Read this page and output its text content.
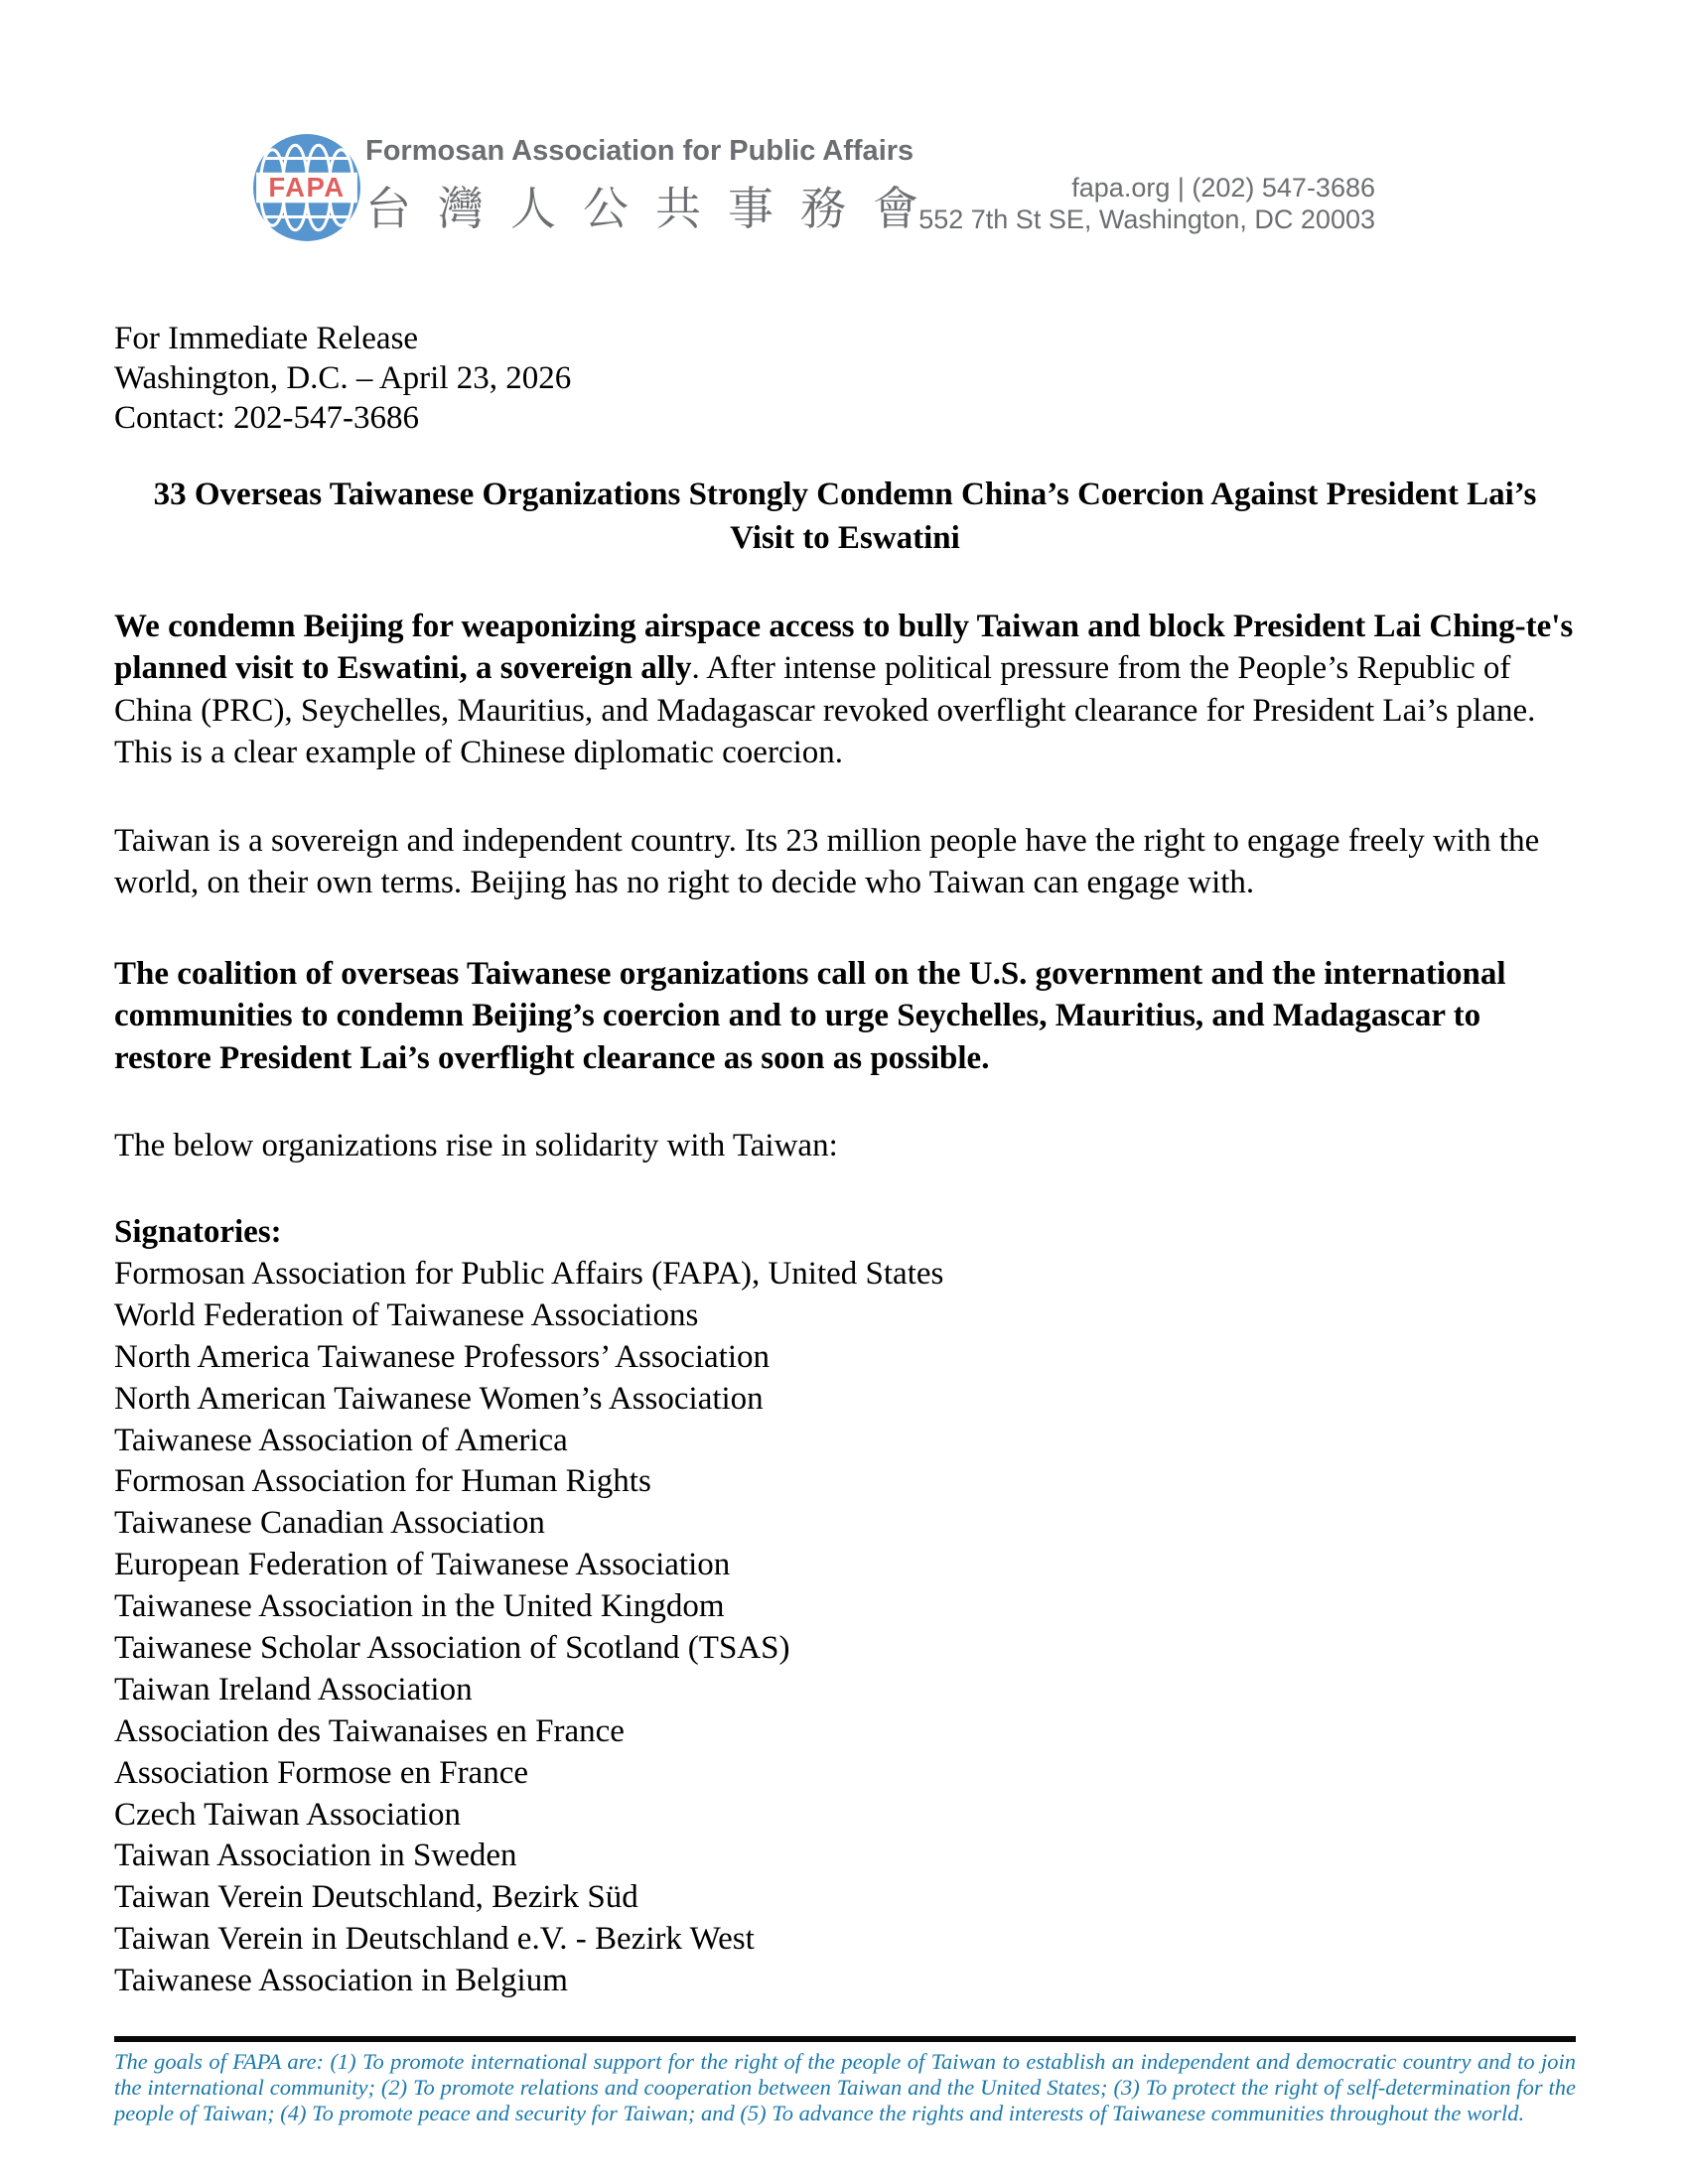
FAPA
Formosan Association for Public Affairs
台灣人公共事務會	fapa.org | (202) 547-3686
552 7th St SE, Washington, DC 20003
For Immediate Release
Washington, D.C. – April 23, 2026
Contact: 202-547-3686
33 Overseas Taiwanese Organizations Strongly Condemn China’s Coercion Against President Lai’s
Visit to Eswatini
We condemn Beijing for weaponizing airspace access to bully Taiwan and block President Lai Ching-te's planned visit to Eswatini, a sovereign ally. After intense political pressure from the People’s Republic of China (PRC), Seychelles, Mauritius, and Madagascar revoked overflight clearance for President Lai’s plane. This is a clear example of Chinese diplomatic coercion.
Taiwan is a sovereign and independent country. Its 23 million people have the right to engage freely with the world, on their own terms. Beijing has no right to decide who Taiwan can engage with.
The coalition of overseas Taiwanese organizations call on the U.S. government and the international communities to condemn Beijing’s coercion and to urge Seychelles, Mauritius, and Madagascar to restore President Lai’s overflight clearance as soon as possible.
The below organizations rise in solidarity with Taiwan:
Signatories:
Formosan Association for Public Affairs (FAPA), United States
World Federation of Taiwanese Associations
North America Taiwanese Professors’ Association
North American Taiwanese Women’s Association
Taiwanese Association of America
Formosan Association for Human Rights
Taiwanese Canadian Association
European Federation of Taiwanese Association
Taiwanese Association in the United Kingdom
Taiwanese Scholar Association of Scotland (TSAS)
Taiwan Ireland Association
Association des Taiwanaises en France
Association Formose en France
Czech Taiwan Association
Taiwan Association in Sweden
Taiwan Verein Deutschland, Bezirk Süd
Taiwan Verein in Deutschland e.V. - Bezirk West
Taiwanese Association in Belgium
The goals of FAPA are: (1) To promote international support for the right of the people of Taiwan to establish an independent and democratic country and to join the international community; (2) To promote relations and cooperation between Taiwan and the United States; (3) To protect the right of self-determination for the people of Taiwan; (4) To promote peace and security for Taiwan; and (5) To advance the rights and interests of Taiwanese communities throughout the world.
